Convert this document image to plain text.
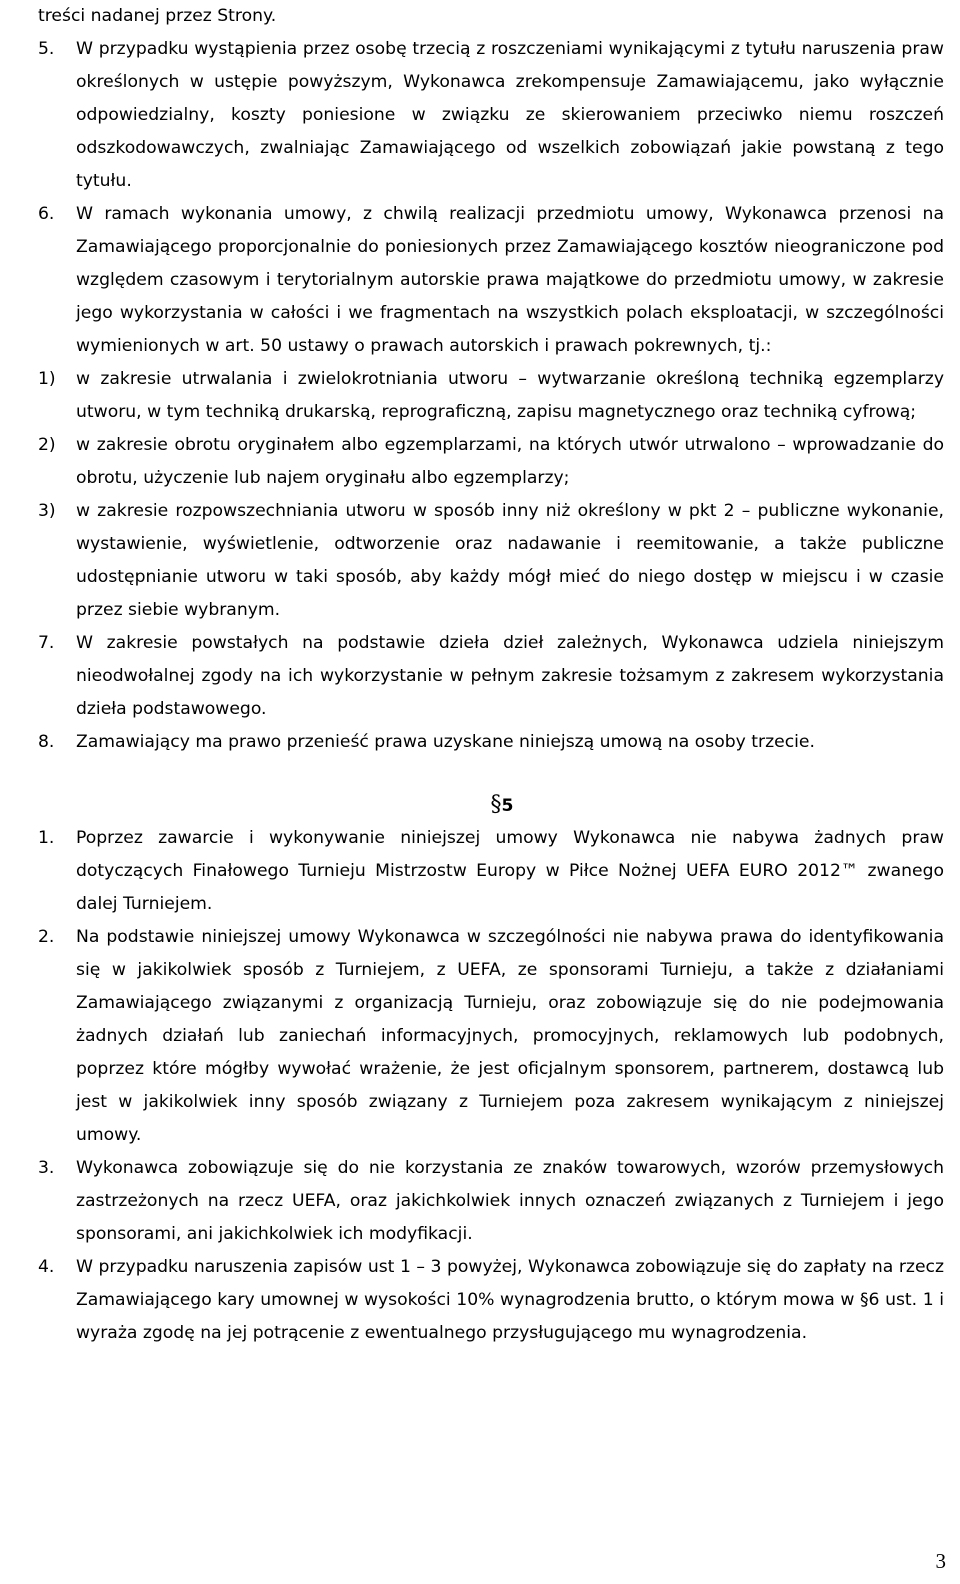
treści nadanej przez Strony.

5.	W przypadku wystąpienia przez osobę trzecią z roszczeniami wynikającymi z tytułu naruszenia praw określonych w ustępie powyższym, Wykonawca zrekompensuje Zamawiającemu, jako wyłącznie odpowiedzialny, koszty poniesione w związku ze skierowaniem przeciwko niemu roszczeń odszkodowawczych, zwalniając Zamawiającego od wszelkich zobowiązań jakie powstaną z tego tytułu.
6.	W ramach wykonania umowy, z chwilą realizacji przedmiotu umowy, Wykonawca przenosi na Zamawiającego proporcjonalnie do poniesionych przez Zamawiającego kosztów nieograniczone pod względem czasowym i terytorialnym autorskie prawa majątkowe do przedmiotu umowy, w zakresie jego wykorzystania w całości i we fragmentach na wszystkich polach eksploatacji, w szczególności wymienionych w art. 50 ustawy o prawach autorskich i prawach pokrewnych, tj.:
1)	w zakresie utrwalania i zwielokrotniania utworu – wytwarzanie określoną techniką egzemplarzy utworu, w tym techniką drukarską, reprograficzną, zapisu magnetycznego oraz techniką cyfrową;
2)	w zakresie obrotu oryginałem albo egzemplarzami, na których utwór utrwalono – wprowadzanie do obrotu, użyczenie lub najem oryginału albo egzemplarzy;
3)	w zakresie rozpowszechniania utworu w sposób inny niż określony w pkt 2 – publiczne wykonanie, wystawienie, wyświetlenie, odtworzenie oraz nadawanie i reemitowanie, a także publiczne udostępnianie utworu w taki sposób, aby każdy mógł mieć do niego dostęp w miejscu i w czasie przez siebie wybranym.
7.	W zakresie powstałych na podstawie dzieła dzieł zależnych, Wykonawca udziela niniejszym nieodwołalnej zgody na ich wykorzystanie w pełnym zakresie tożsamym z zakresem wykorzystania dzieła podstawowego.
8.	Zamawiający ma prawo przenieść prawa uzyskane niniejszą umową na osoby trzecie.
§5
1.	Poprzez zawarcie i wykonywanie niniejszej umowy Wykonawca nie nabywa żadnych praw dotyczących Finałowego Turnieju Mistrzostw Europy w Piłce Nożnej UEFA EURO 2012™ zwanego dalej Turniejem.
2.	Na podstawie niniejszej umowy Wykonawca w szczególności nie nabywa prawa do identyfikowania się w jakikolwiek sposób z Turniejem, z UEFA, ze sponsorami Turnieju, a także z działaniami Zamawiającego związanymi z organizacją Turnieju, oraz zobowiązuje się do nie podejmowania żadnych działań lub zaniechań informacyjnych, promocyjnych, reklamowych lub podobnych, poprzez które mógłby wywołać wrażenie, że jest oficjalnym sponsorem, partnerem, dostawcą lub jest w jakikolwiek inny sposób związany z Turniejem poza zakresem wynikającym z niniejszej umowy.
3.	Wykonawca zobowiązuje się do nie korzystania ze znaków towarowych, wzorów przemysłowych zastrzeżonych na rzecz UEFA, oraz jakichkolwiek innych oznaczeń związanych z Turniejem i jego sponsorami, ani jakichkolwiek ich modyfikacji.
4.	W przypadku naruszenia zapisów ust 1 – 3 powyżej, Wykonawca zobowiązuje się do zapłaty na rzecz Zamawiającego kary umownej w wysokości 10% wynagrodzenia brutto, o którym mowa w §6 ust. 1 i wyraża zgodę na jej potrącenie z ewentualnego przysługującego mu wynagrodzenia.
3
